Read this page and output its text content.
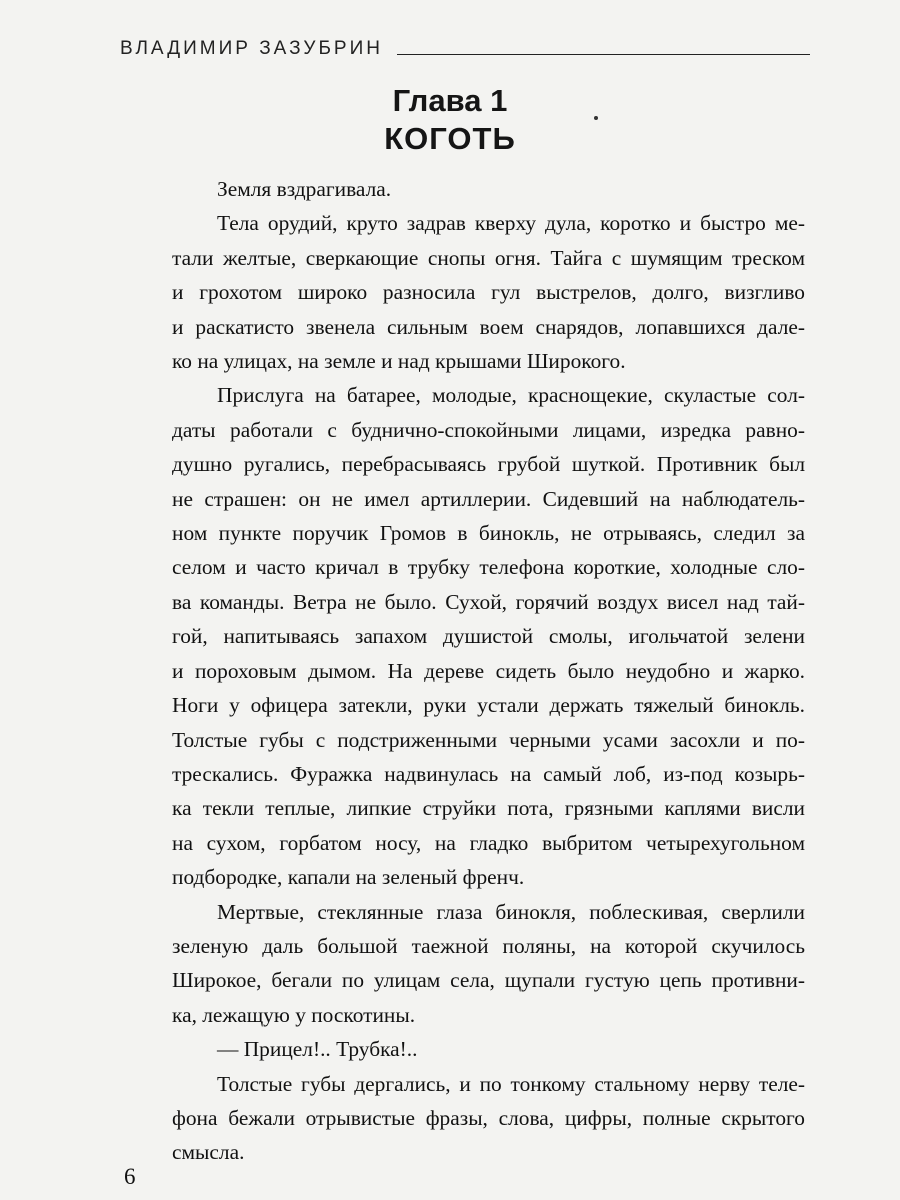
ВЛАДИМИР ЗАЗУБРИН
Глава 1
КОГОТЬ

Земля вздрагивала.

Тела орудий, круто задрав кверху дула, коротко и быстро ме-
тали желтые, сверкающие снопы огня. Тайга с шумящим треском
и грохотом широко разносила гул выстрелов, долго, визгливо
и раскатисто звенела сильным воем снарядов, лопавшихся дале-
ко на улицах, на земле и над крышами Широкого.

Прислуга на батарее, молодые, краснощекие, скуластые сол-
даты работали с буднично-спокойными лицами, изредка равно-
душно ругались, перебрасываясь грубой шуткой. Противник был
не страшен: он не имел артиллерии. Сидевший на наблюдатель-
ном пункте поручик Громов в бинокль, не отрываясь, следил за
селом и часто кричал в трубку телефона короткие, холодные сло-
ва команды. Ветра не было. Сухой, горячий воздух висел над тай-
гой, напитываясь запахом душистой смолы, игольчатой зелени
и пороховым дымом. На дереве сидеть было неудобно и жарко.
Ноги у офицера затекли, руки устали держать тяжелый бинокль.
Толстые губы с подстриженными черными усами засохли и по-
трескались. Фуражка надвинулась на самый лоб, из-под козырь-
ка текли теплые, липкие струйки пота, грязными каплями висли
на сухом, горбатом носу, на гладко выбритом четырехугольном
подбородке, капали на зеленый френч.

Мертвые, стеклянные глаза бинокля, поблескивая, сверлили
зеленую даль большой таежной поляны, на которой скучилось
Широкое, бегали по улицам села, щупали густую цепь противни-
ка, лежащую у поскотины.

— Прицел!.. Трубка!..

Толстые губы дергались, и по тонкому стальному нерву теле-
фона бежали отрывистые фразы, слова, цифры, полные скрытого
смысла.

6
